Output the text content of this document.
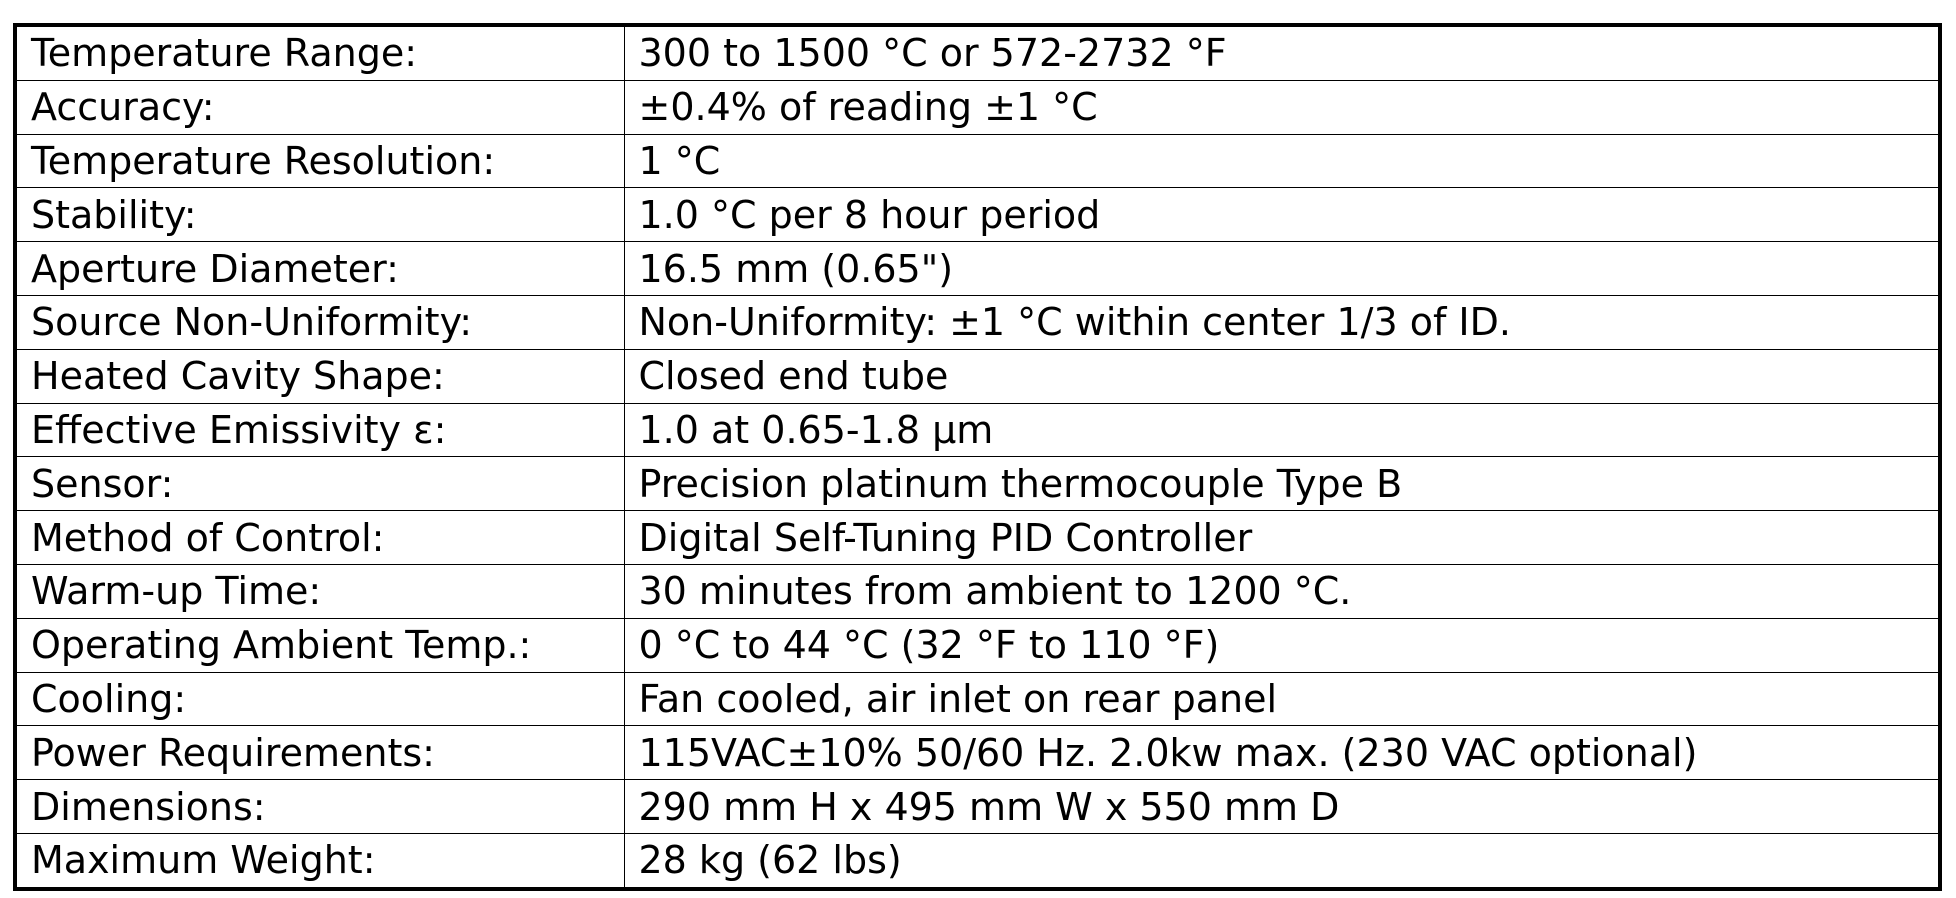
Temperature Range:	300 to 1500 °C or 572-2732 °F
Accuracy:	±0.4% of reading ±1 °C
Temperature Resolution:	1 °C
Stability:	1.0 °C per 8 hour period
Aperture Diameter:	16.5 mm (0.65")
Source Non-Uniformity:	Non-Uniformity: ±1 °C within center 1/3 of ID.
Heated Cavity Shape:	Closed end tube
Effective Emissivity ε:	1.0 at 0.65-1.8 μm
Sensor:	Precision platinum thermocouple Type B
Method of Control:	Digital Self-Tuning PID Controller
Warm-up Time:	30 minutes from ambient to 1200 °C.
Operating Ambient Temp.:	0 °C to 44 °C (32 °F to 110 °F)
Cooling:	Fan cooled, air inlet on rear panel
Power Requirements:	115VAC±10% 50/60 Hz. 2.0kw max. (230 VAC optional)
Dimensions:	290 mm H x 495 mm W x 550 mm D
Maximum Weight:	28 kg (62 lbs)
